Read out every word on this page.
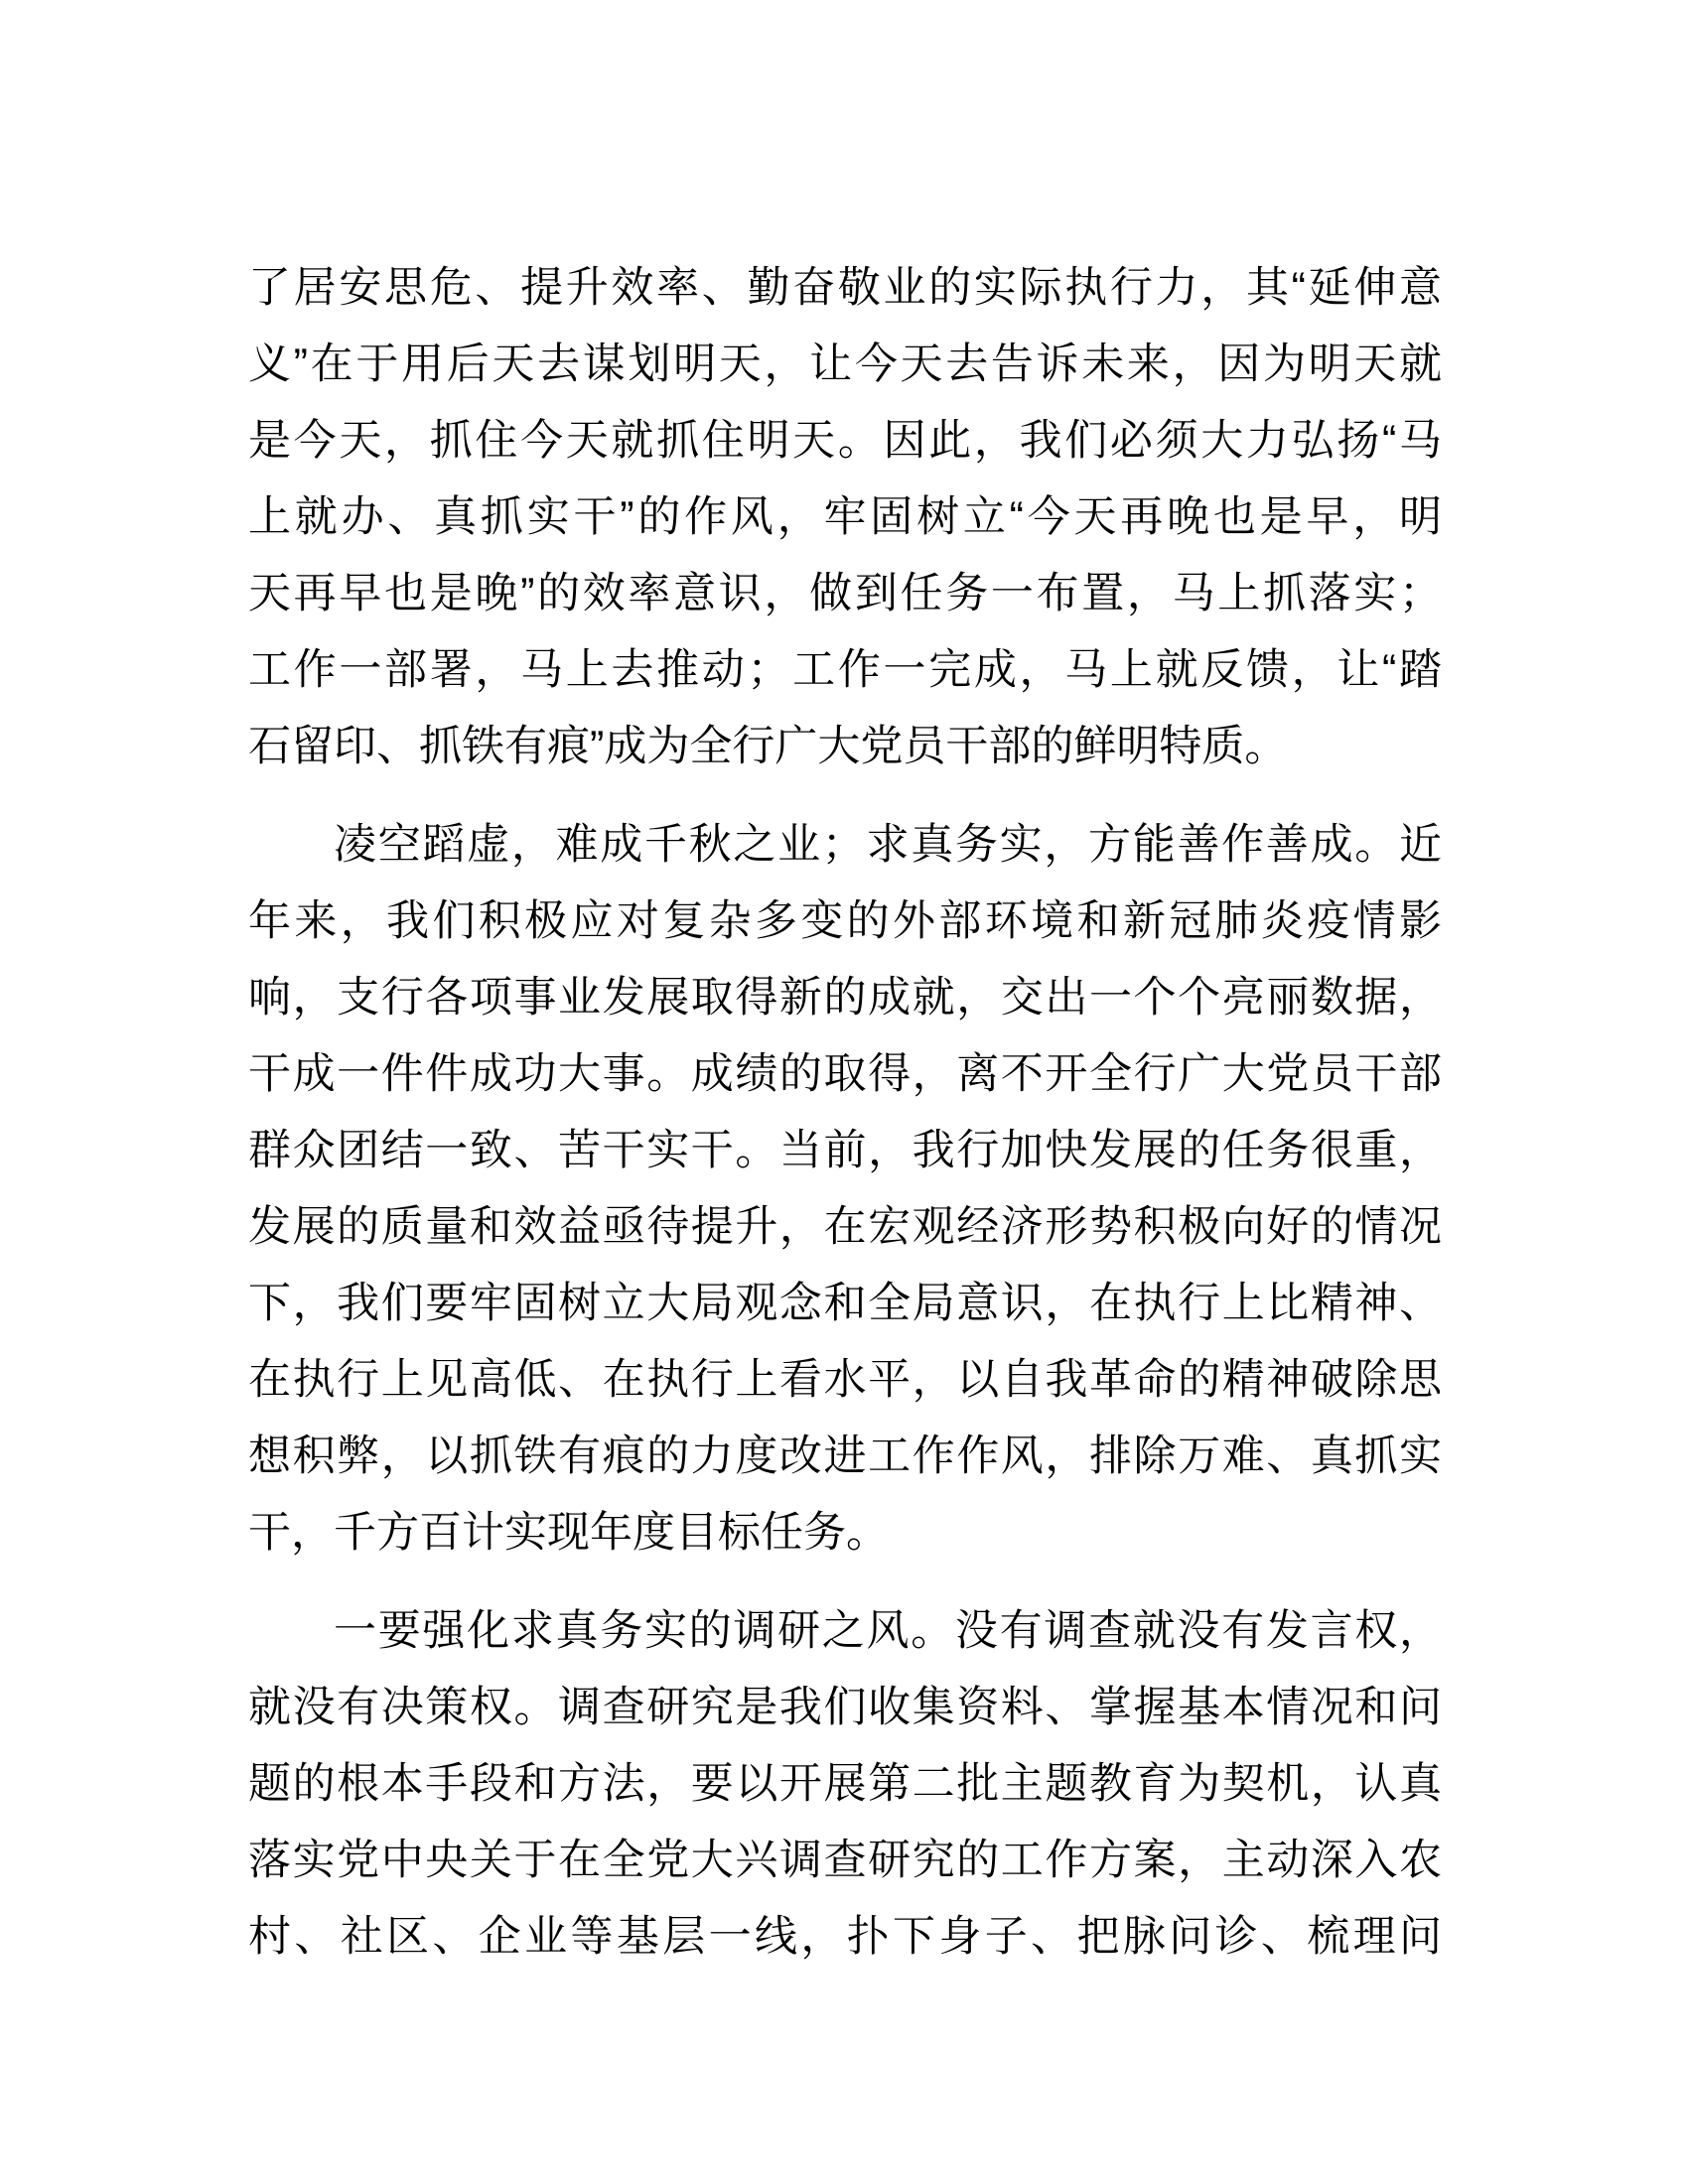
了居安思危、提升效率、勤奋敬业的实际执行力，其“延伸意
义”在于用后天去谋划明天，让今天去告诉未来，因为明天就
是今天，抓住今天就抓住明天。因此，我们必须大力弘扬“马
上就办、真抓实干”的作风，牢固树立“今天再晚也是早，明
天再早也是晚”的效率意识，做到任务一布置，马上抓落实；
工作一部署，马上去推动；工作一完成，马上就反馈，让“踏
石留印、抓铁有痕”成为全行广大党员干部的鲜明特质。
凌空蹈虚，难成千秋之业；求真务实，方能善作善成。近
年来，我们积极应对复杂多变的外部环境和新冠肺炎疫情影
响，支行各项事业发展取得新的成就，交出一个个亮丽数据，
干成一件件成功大事。成绩的取得，离不开全行广大党员干部
群众团结一致、苦干实干。当前，我行加快发展的任务很重，
发展的质量和效益亟待提升，在宏观经济形势积极向好的情况
下，我们要牢固树立大局观念和全局意识，在执行上比精神、
在执行上见高低、在执行上看水平，以自我革命的精神破除思
想积弊，以抓铁有痕的力度改进工作作风，排除万难、真抓实
干，千方百计实现年度目标任务。
一要强化求真务实的调研之风。没有调查就没有发言权，
就没有决策权。调查研究是我们收集资料、掌握基本情况和问
题的根本手段和方法，要以开展第二批主题教育为契机，认真
落实党中央关于在全党大兴调查研究的工作方案，主动深入农
村、社区、企业等基层一线，扑下身子、把脉问诊、梳理问
